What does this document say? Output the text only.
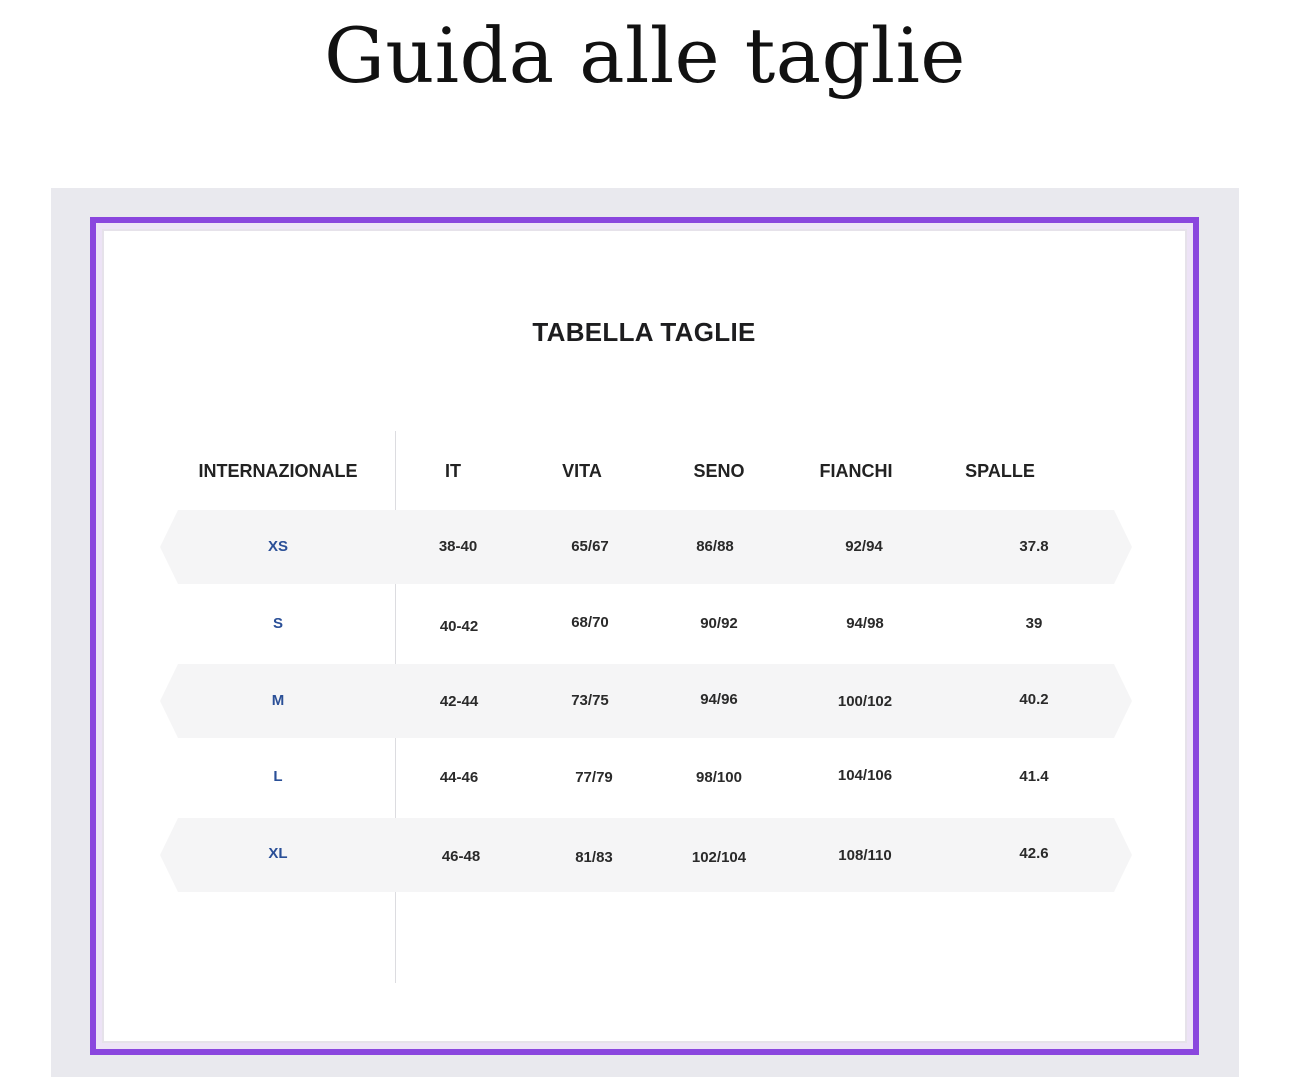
Guida alle taglie
TABELLA TAGLIE
INTERNAZIONALE	IT	VITA	SENO	FIANCHI	SPALLE
XS	38-40	65/67	86/88	92/94	37.8
S	40-42	68/70	90/92	94/98	39
M	42-44	73/75	94/96	100/102	40.2
L	44-46	77/79	98/100	104/106	41.4
XL	46-48	81/83	102/104	108/110	42.6
